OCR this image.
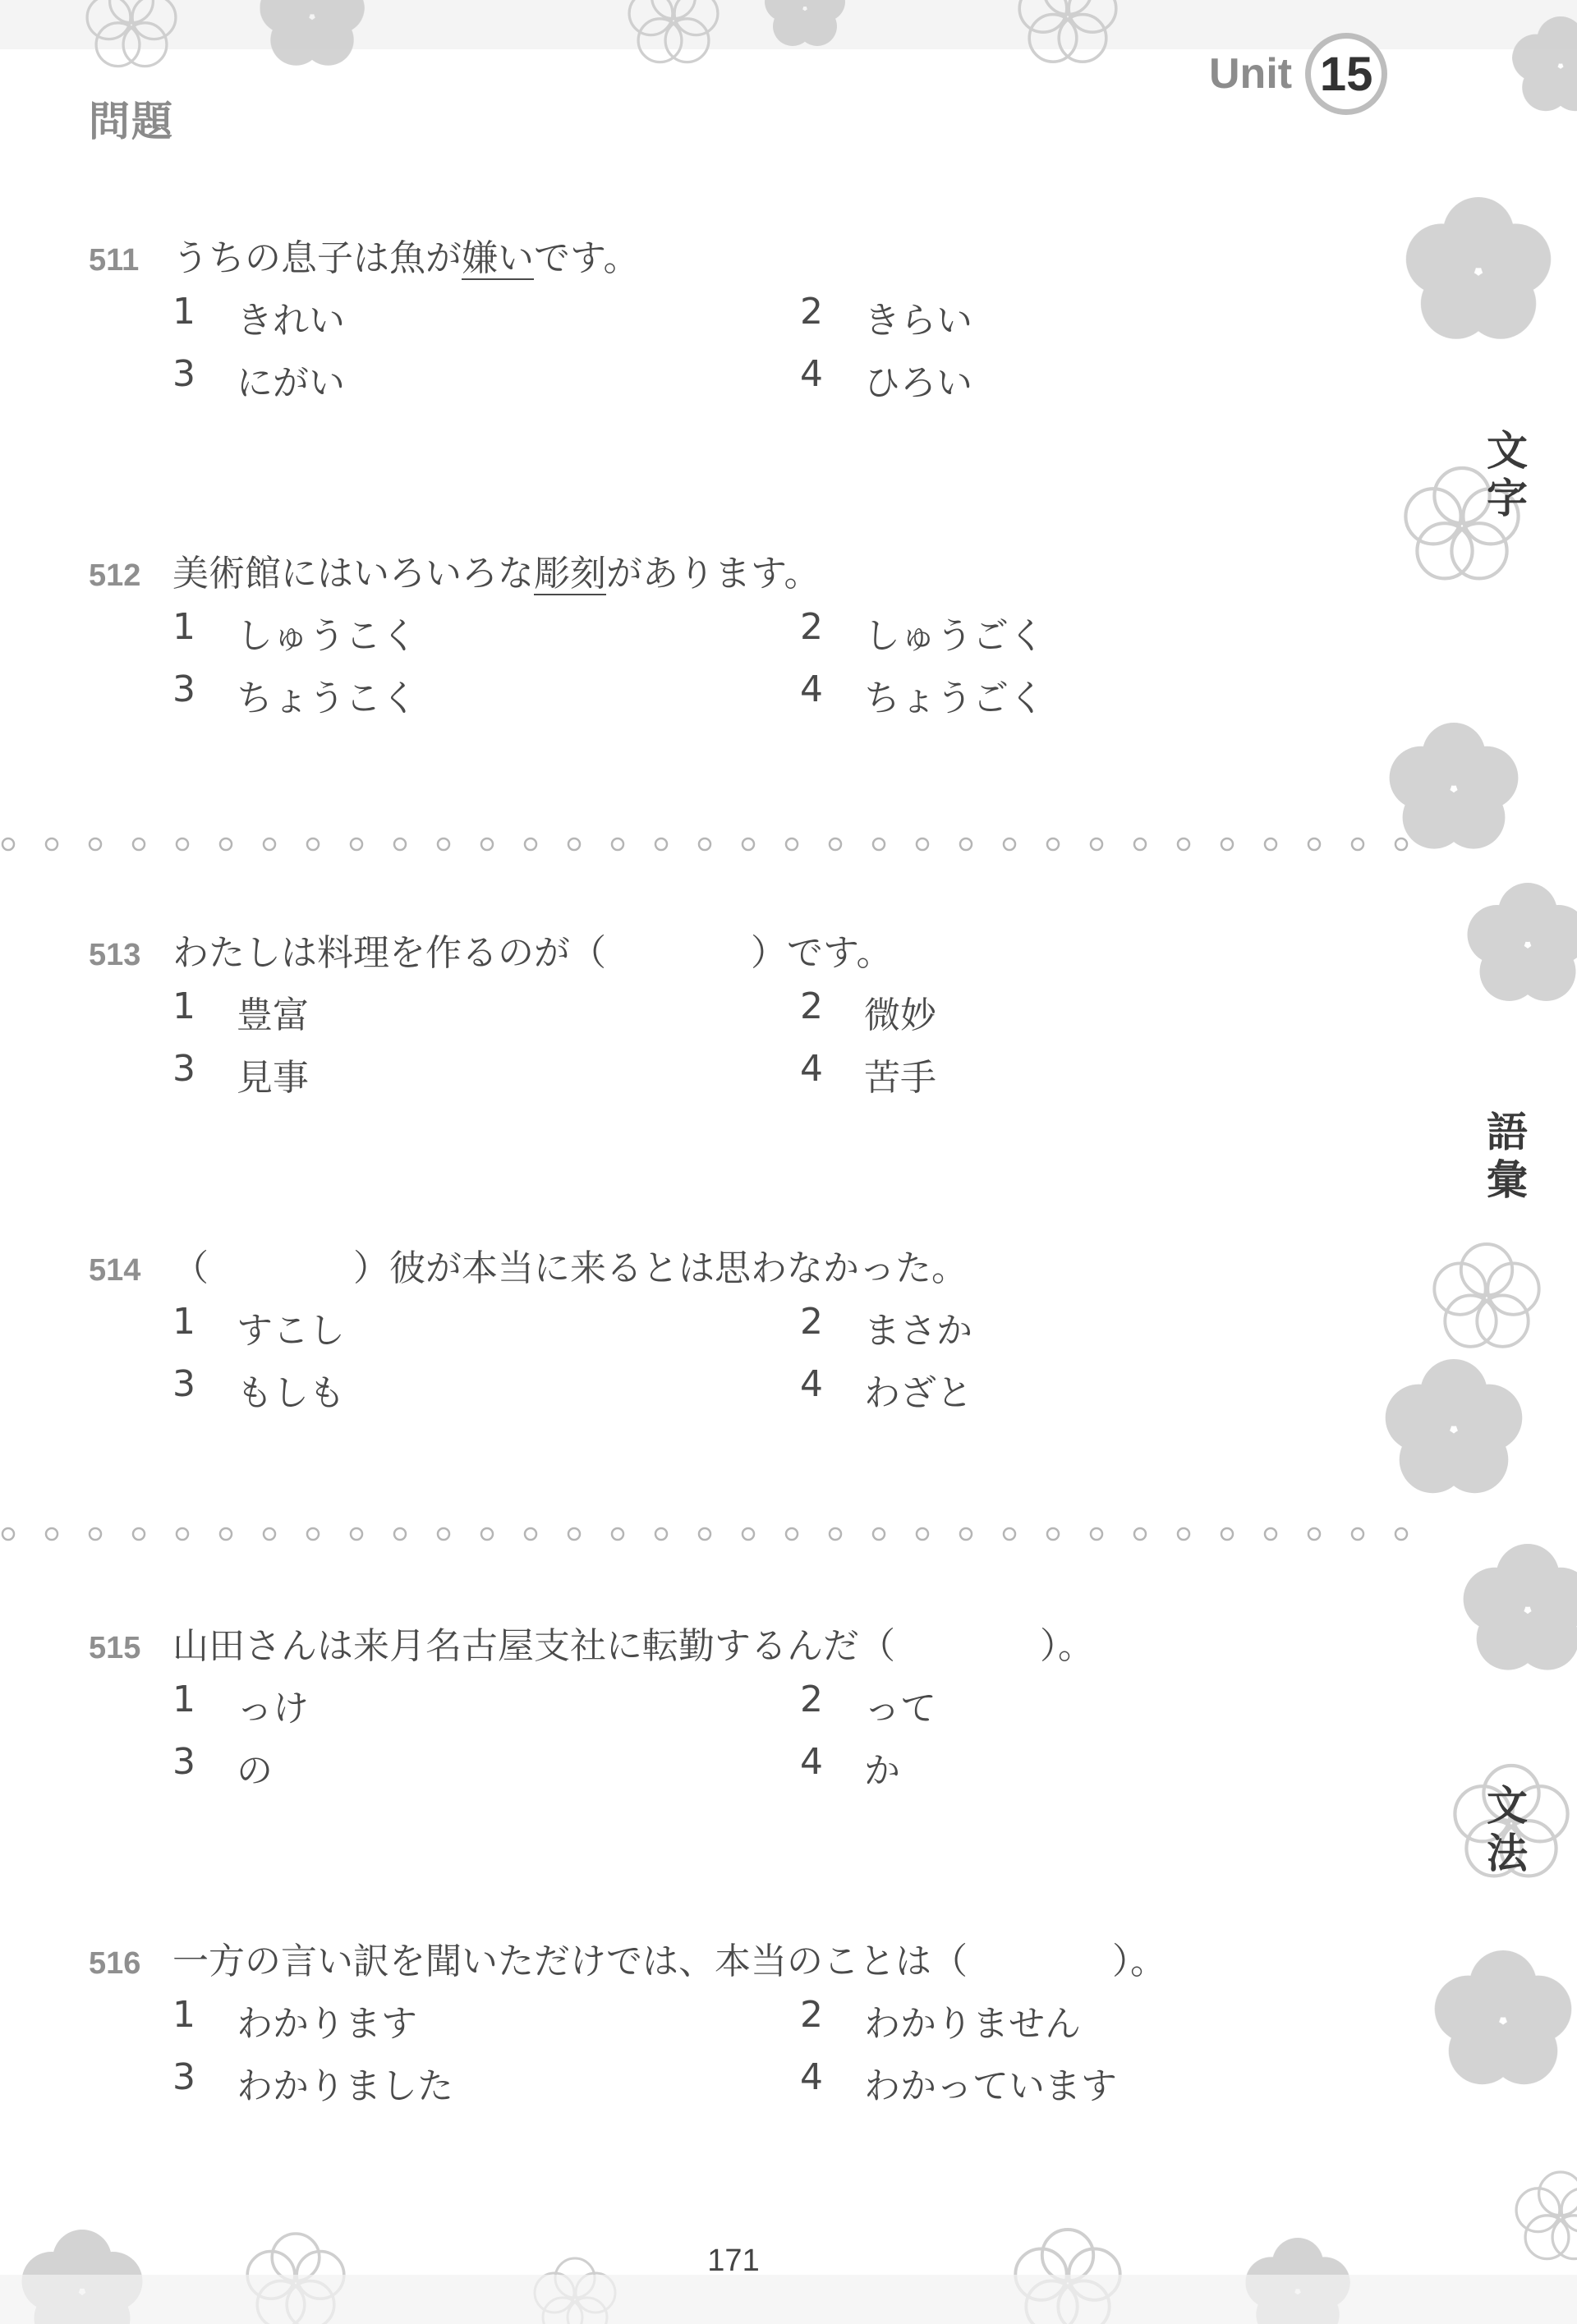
問題
Unit 15
文
字
語
彙
文
法
511 うちの息子は魚が 嫌い です。
1	きれい	2	きらい
3	にがい	4	ひろい
512 美術館にはいろいろな 彫刻 があります。
1	しゅうこく	2	しゅうごく
3	ちょうこく	4	ちょうごく
513 わたしは料理を作るのが（　　　　）です。
1	豊富	2	微妙
3	見事	4	苦手
514 （　　　　）彼が本当に来るとは思わなかった。
1	すこし	2	まさか
3	もしも	4	わざと
515 山田さんは来月名古屋支社に転勤するんだ（　　　　）。
1	っけ	2	って
3	の	4	か
516 一方の言い訳を聞いただけでは、本当のことは（　　　　）。
1	わかります	2	わかりません
3	わかりました	4	わかっています
171
